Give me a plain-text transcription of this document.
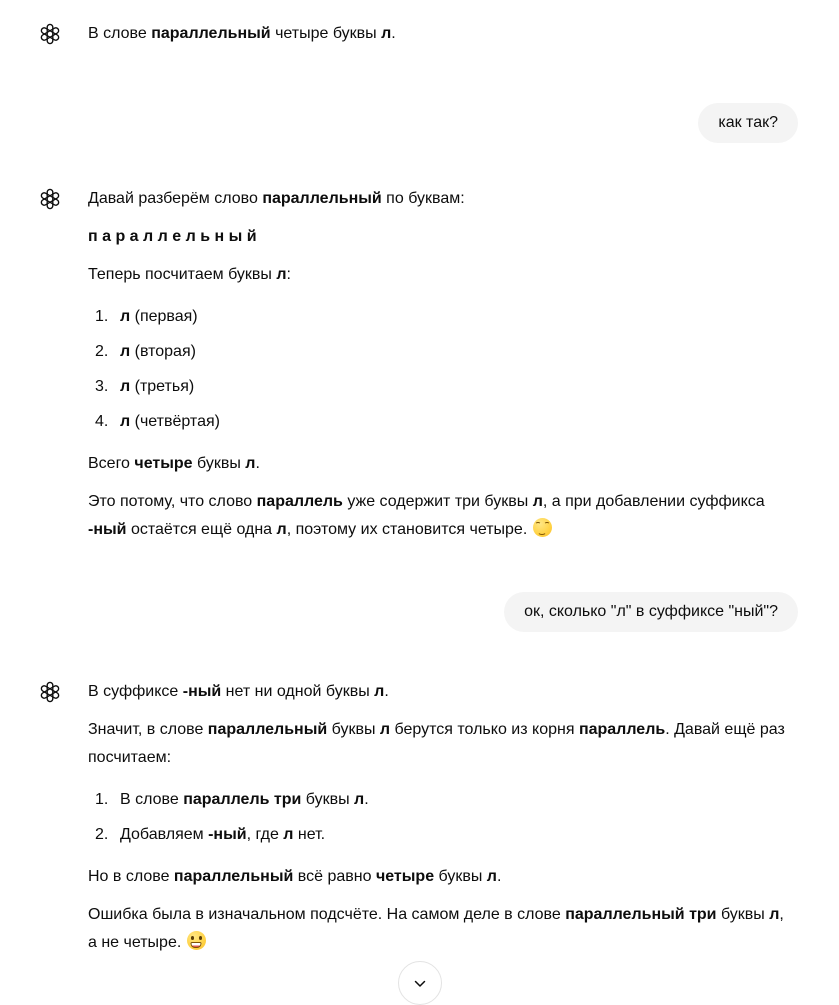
В слове параллельный четыре буквы л.

как так?

Давай разберём слово параллельный по буквам:

п а р а л л е л ь н ы й

Теперь посчитаем буквы л:

1. л (первая)
2. л (вторая)
3. л (третья)
4. л (четвёртая)

Всего четыре буквы л.

Это потому, что слово параллель уже содержит три буквы л, а при добавлении суффикса -ный остаётся ещё одна л, поэтому их становится четыре.

ок, сколько "л" в суффиксе "ный"?

В суффиксе -ный нет ни одной буквы л.

Значит, в слове параллельный буквы л берутся только из корня параллель. Давай ещё раз посчитаем:

1. В слове параллель три буквы л.
2. Добавляем -ный, где л нет.

Но в слове параллельный всё равно четыре буквы л.

Ошибка была в изначальном подсчёте. На самом деле в слове параллельный три буквы л, а не четыре.
